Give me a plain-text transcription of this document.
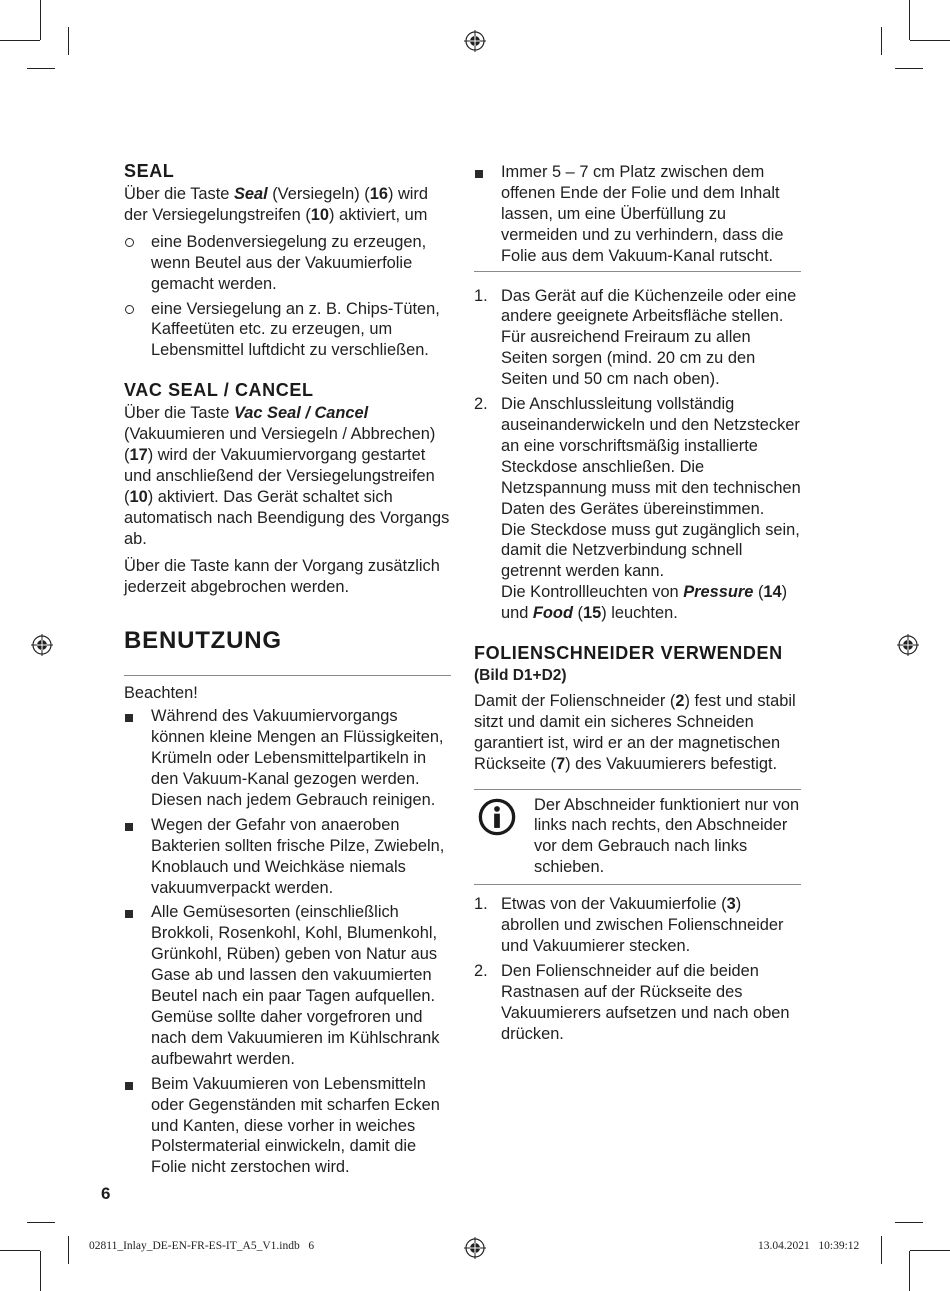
SEAL

Über die Taste Seal (Versiegeln) (16) wird der Versiegelungstreifen (10) aktiviert, um

eine Bodenversiegelung zu erzeugen, wenn Beutel aus der Vakuumierfolie gemacht werden.
eine Versiegelung an z. B. Chips-Tüten, Kaffeetüten etc. zu erzeugen, um Lebensmittel luftdicht zu verschließen.
VAC SEAL / CANCEL

Über die Taste Vac Seal / Cancel (Vakuumieren und Versiegeln / Abbrechen) (17) wird der Vakuumiervorgang gestartet und anschließend der Versiegelungstreifen (10) aktiviert. Das Gerät schaltet sich automatisch nach Beendigung des Vorgangs ab.

Über die Taste kann der Vorgang zusätzlich jederzeit abgebrochen werden.

BENUTZUNG

Beachten!

Während des Vakuumiervorgangs können kleine Mengen an Flüssigkeiten, Krümeln oder Lebensmittelpartikeln in den Vakuum-Kanal gezogen werden. Diesen nach jedem Gebrauch reinigen.
Wegen der Gefahr von anaeroben Bakterien sollten frische Pilze, Zwiebeln, Knoblauch und Weichkäse niemals vakuumverpackt werden.
Alle Gemüsesorten (einschließlich Brokkoli, Rosenkohl, Kohl, Blumenkohl, Grünkohl, Rüben) geben von Natur aus Gase ab und lassen den vakuumierten Beutel nach ein paar Tagen aufquellen. Gemüse sollte daher vorgefroren und nach dem Vakuumieren im Kühlschrank aufbewahrt werden.
Beim Vakuumieren von Lebensmitteln oder Gegenständen mit scharfen Ecken und Kanten, diese vorher in weiches Polstermaterial einwickeln, damit die Folie nicht zerstochen wird.
Immer 5 – 7 cm Platz zwischen dem offenen Ende der Folie und dem Inhalt lassen, um eine Überfüllung zu vermeiden und zu verhindern, dass die Folie aus dem Vakuum-Kanal rutscht.
1. Das Gerät auf die Küchenzeile oder eine andere geeignete Arbeitsfläche stellen. Für ausreichend Freiraum zu allen Seiten sorgen (mind. 20 cm zu den Seiten und 50 cm nach oben).
2. Die Anschlussleitung vollständig auseinanderwickeln und den Netzstecker an eine vorschriftsmäßig installierte Steckdose anschließen. Die Netzspannung muss mit den technischen Daten des Gerätes übereinstimmen.
Die Steckdose muss gut zugänglich sein, damit die Netzverbindung schnell getrennt werden kann.
Die Kontrollleuchten von Pressure (14) und Food (15) leuchten.
FOLIENSCHNEIDER VERWENDEN

(Bild D1+D2)

Damit der Folienschneider (2) fest und stabil sitzt und damit ein sicheres Schneiden garantiert ist, wird er an der magnetischen Rückseite (7) des Vakuumierers befestigt.

Der Abschneider funktioniert nur von links nach rechts, den Abschneider vor dem Gebrauch nach links schieben.

1. Etwas von der Vakuumierfolie (3) abrollen und zwischen Folienschneider und Vakuumierer stecken.
2. Den Folienschneider auf die beiden Rastnasen auf der Rückseite des Vakuumierers aufsetzen und nach oben drücken.
6
02811_Inlay_DE-EN-FR-ES-IT_A5_V1.indb   6	13.04.2021   10:39:12
